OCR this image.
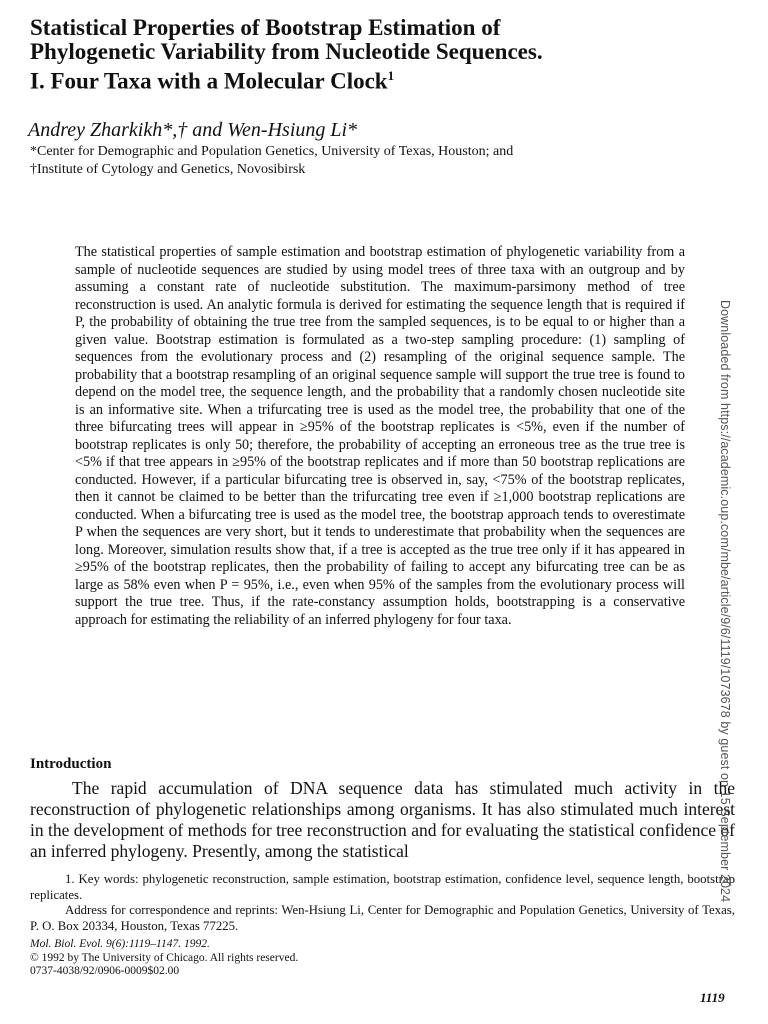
Statistical Properties of Bootstrap Estimation of
Phylogenetic Variability from Nucleotide Sequences.
I. Four Taxa with a Molecular Clock$^1$

Andrey Zharkikh*,† and Wen-Hsiung Li*

*Center for Demographic and Population Genetics, University of Texas, Houston; and
†Institute of Cytology and Genetics, Novosibirsk

The statistical properties of sample estimation and bootstrap estimation of phylogenetic variability from a sample of nucleotide sequences are studied by using model trees of three taxa with an outgroup and by assuming a constant rate of nucleotide substitution. The maximum-parsimony method of tree reconstruction is used. An analytic formula is derived for estimating the sequence length that is required if P, the probability of obtaining the true tree from the sampled sequences, is to be equal to or higher than a given value. Bootstrap estimation is formulated as a two-step sampling procedure: (1) sampling of sequences from the evolutionary process and (2) resampling of the original sequence sample. The probability that a bootstrap resampling of an original sequence sample will support the true tree is found to depend on the model tree, the sequence length, and the probability that a randomly chosen nucleotide site is an informative site. When a trifurcating tree is used as the model tree, the probability that one of the three bifurcating trees will appear in ≥95% of the bootstrap replicates is <5%, even if the number of bootstrap replicates is only 50; therefore, the probability of accepting an erroneous tree as the true tree is <5% if that tree appears in ≥95% of the bootstrap replicates and if more than 50 bootstrap replications are conducted. However, if a particular bifurcating tree is observed in, say, <75% of the bootstrap replicates, then it cannot be claimed to be better than the trifurcating tree even if ≥1,000 bootstrap replications are conducted. When a bifurcating tree is used as the model tree, the bootstrap approach tends to overestimate P when the sequences are very short, but it tends to underestimate that probability when the sequences are long. Moreover, simulation results show that, if a tree is accepted as the true tree only if it has appeared in ≥95% of the bootstrap replicates, then the probability of failing to accept any bifurcating tree can be as large as 58% even when P = 95%, i.e., even when 95% of the samples from the evolutionary process will support the true tree. Thus, if the rate-constancy assumption holds, bootstrapping is a conservative approach for estimating the reliability of an inferred phylogeny for four taxa.

Introduction

The rapid accumulation of DNA sequence data has stimulated much activity in the reconstruction of phylogenetic relationships among organisms. It has also stimulated much interest in the development of methods for tree reconstruction and for evaluating the statistical confidence of an inferred phylogeny. Presently, among the statistical

1. Key words: phylogenetic reconstruction, sample estimation, bootstrap estimation, confidence level, sequence length, bootstrap replicates.

Address for correspondence and reprints: Wen-Hsiung Li, Center for Demographic and Population Genetics, University of Texas, P. O. Box 20334, Houston, Texas 77225.

Mol. Biol. Evol. 9(6):1119–1147. 1992.
© 1992 by The University of Chicago. All rights reserved.
0737-4038/92/0906-0009$02.00
1119
Downloaded from https://academic.oup.com/mbe/article/9/6/1119/1073678 by guest on 15 September 2024
